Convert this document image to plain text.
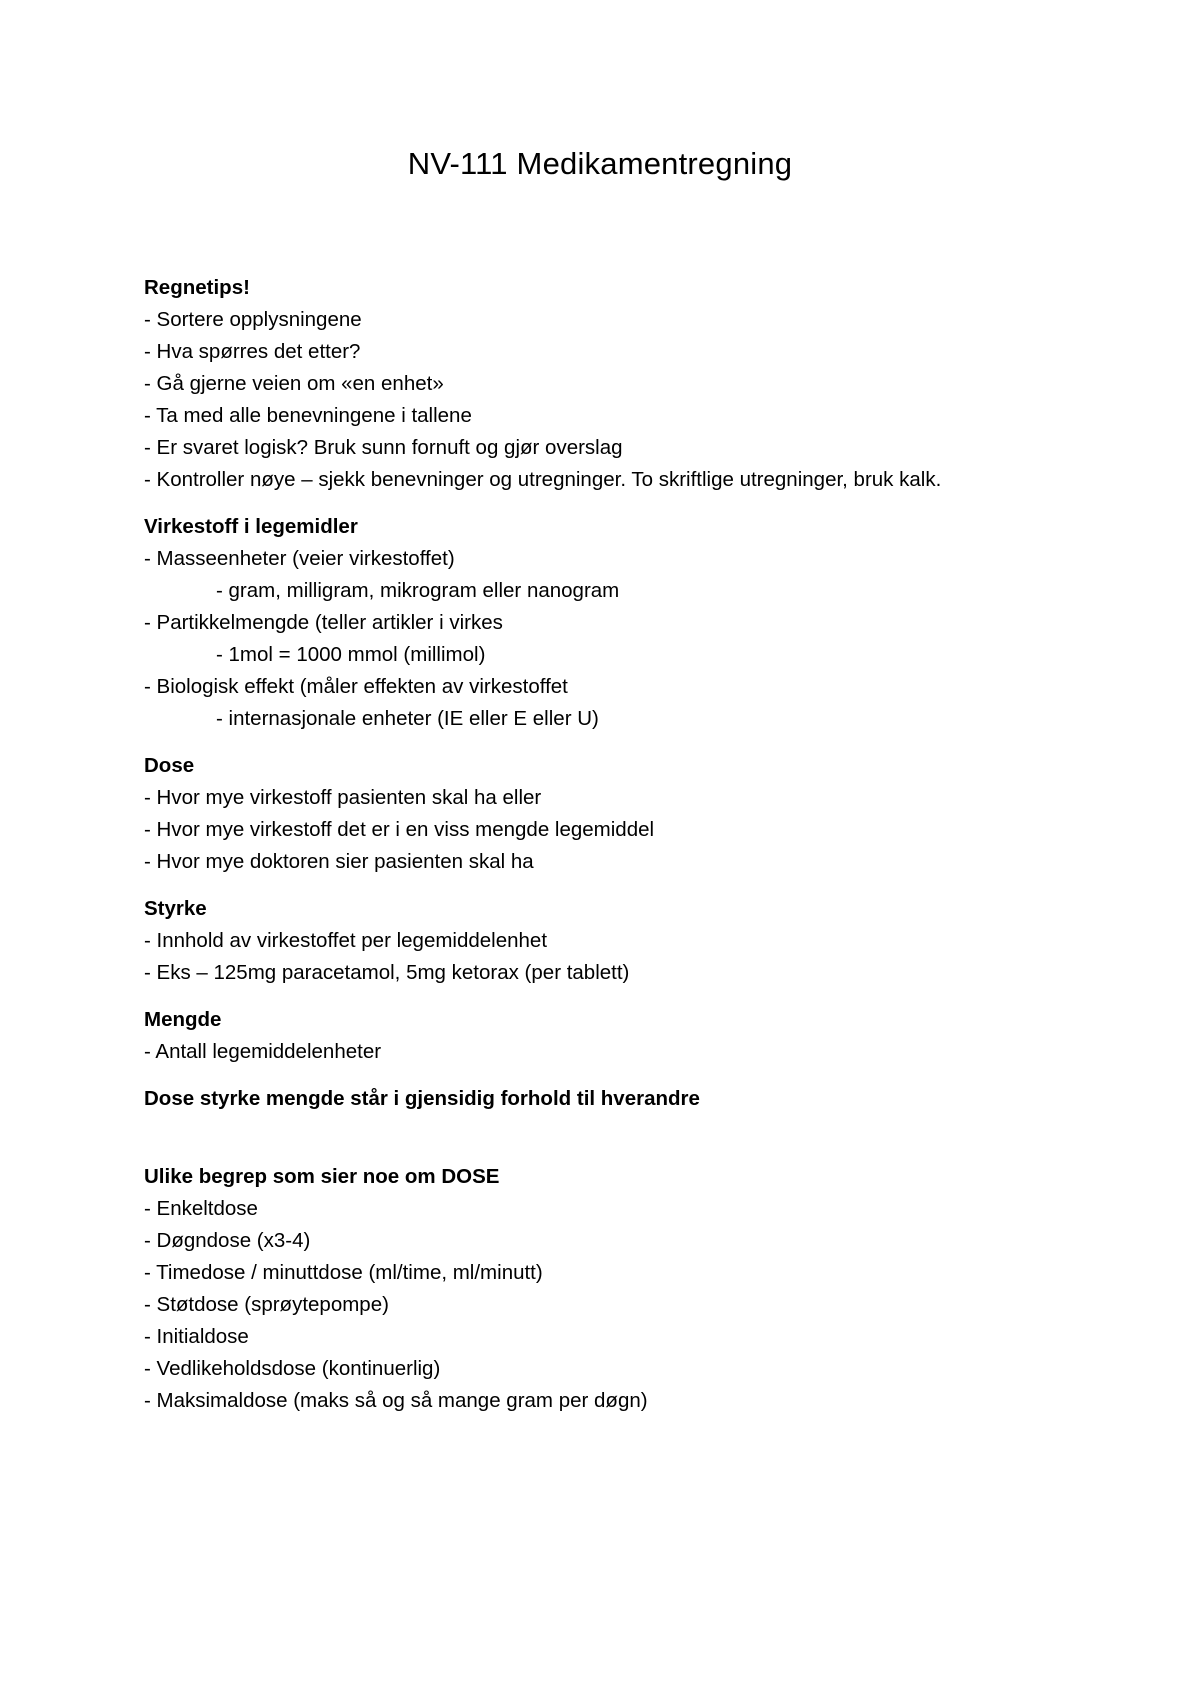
NV-111 Medikamentregning
Regnetips!
- Sortere opplysningene
- Hva spørres det etter?
- Gå gjerne veien om «en enhet»
- Ta med alle benevningene i tallene
- Er svaret logisk? Bruk sunn fornuft og gjør overslag
- Kontroller nøye – sjekk benevninger og utregninger. To skriftlige utregninger, bruk kalk.
Virkestoff i legemidler
- Masseenheter (veier virkestoffet)
- gram, milligram, mikrogram eller nanogram
- Partikkelmengde (teller artikler i virkes
- 1mol = 1000 mmol (millimol)
- Biologisk effekt (måler effekten av virkestoffet
- internasjonale enheter (IE eller E eller U)
Dose
- Hvor mye virkestoff pasienten skal ha eller
- Hvor mye virkestoff det er i en viss mengde legemiddel
- Hvor mye doktoren sier pasienten skal ha
Styrke
- Innhold av virkestoffet per legemiddelenhet
- Eks – 125mg paracetamol, 5mg ketorax (per tablett)
Mengde
- Antall legemiddelenheter
Dose styrke mengde står i gjensidig forhold til hverandre
Ulike begrep som sier noe om DOSE
- Enkeltdose
- Døgndose (x3-4)
- Timedose / minuttdose (ml/time, ml/minutt)
- Støtdose (sprøytepompe)
- Initialdose
- Vedlikeholdsdose (kontinuerlig)
- Maksimaldose (maks så og så mange gram per døgn)
